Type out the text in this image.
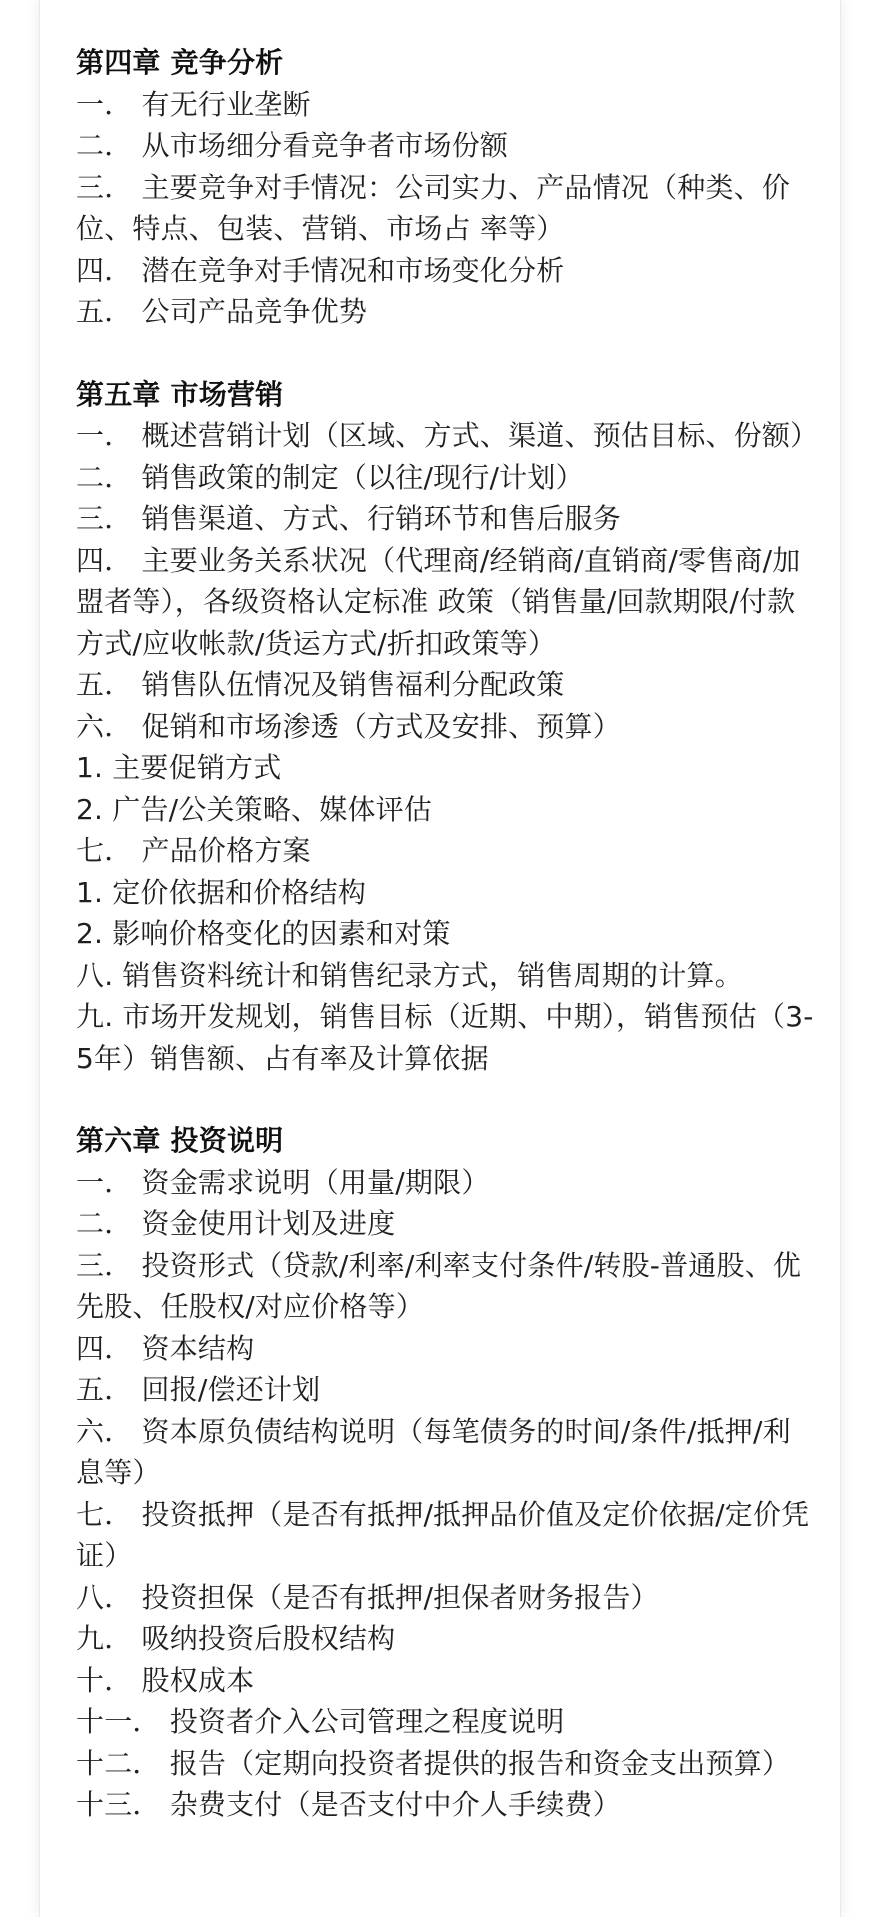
第四章 竞争分析

一． 有无行业垄断

二． 从市场细分看竞争者市场份额

三． 主要竞争对手情况：公司实力、产品情况（种类、价位、特点、包装、营销、市场占 率等）

四． 潜在竞争对手情况和市场变化分析

五． 公司产品竞争优势

第五章 市场营销

一． 概述营销计划（区域、方式、渠道、预估目标、份额）

二． 销售政策的制定（以往/现行/计划）

三． 销售渠道、方式、行销环节和售后服务

四． 主要业务关系状况（代理商/经销商/直销商/零售商/加盟者等），各级资格认定标准 政策（销售量/回款期限/付款方式/应收帐款/货运方式/折扣政策等）

五． 销售队伍情况及销售福利分配政策

六． 促销和市场渗透（方式及安排、预算）

1. 主要促销方式

2. 广告/公关策略、媒体评估

七． 产品价格方案

1. 定价依据和价格结构

2. 影响价格变化的因素和对策

八. 销售资料统计和销售纪录方式，销售周期的计算。

九. 市场开发规划，销售目标（近期、中期），销售预估（3-5年）销售额、占有率及计算依据

第六章 投资说明

一． 资金需求说明（用量/期限）

二． 资金使用计划及进度

三． 投资形式（贷款/利率/利率支付条件/转股-普通股、优先股、任股权/对应价格等）

四． 资本结构

五． 回报/偿还计划

六． 资本原负债结构说明（每笔债务的时间/条件/抵押/利息等）

七． 投资抵押（是否有抵押/抵押品价值及定价依据/定价凭证）

八． 投资担保（是否有抵押/担保者财务报告）

九． 吸纳投资后股权结构

十． 股权成本

十一． 投资者介入公司管理之程度说明

十二． 报告（定期向投资者提供的报告和资金支出预算）

十三． 杂费支付（是否支付中介人手续费）
